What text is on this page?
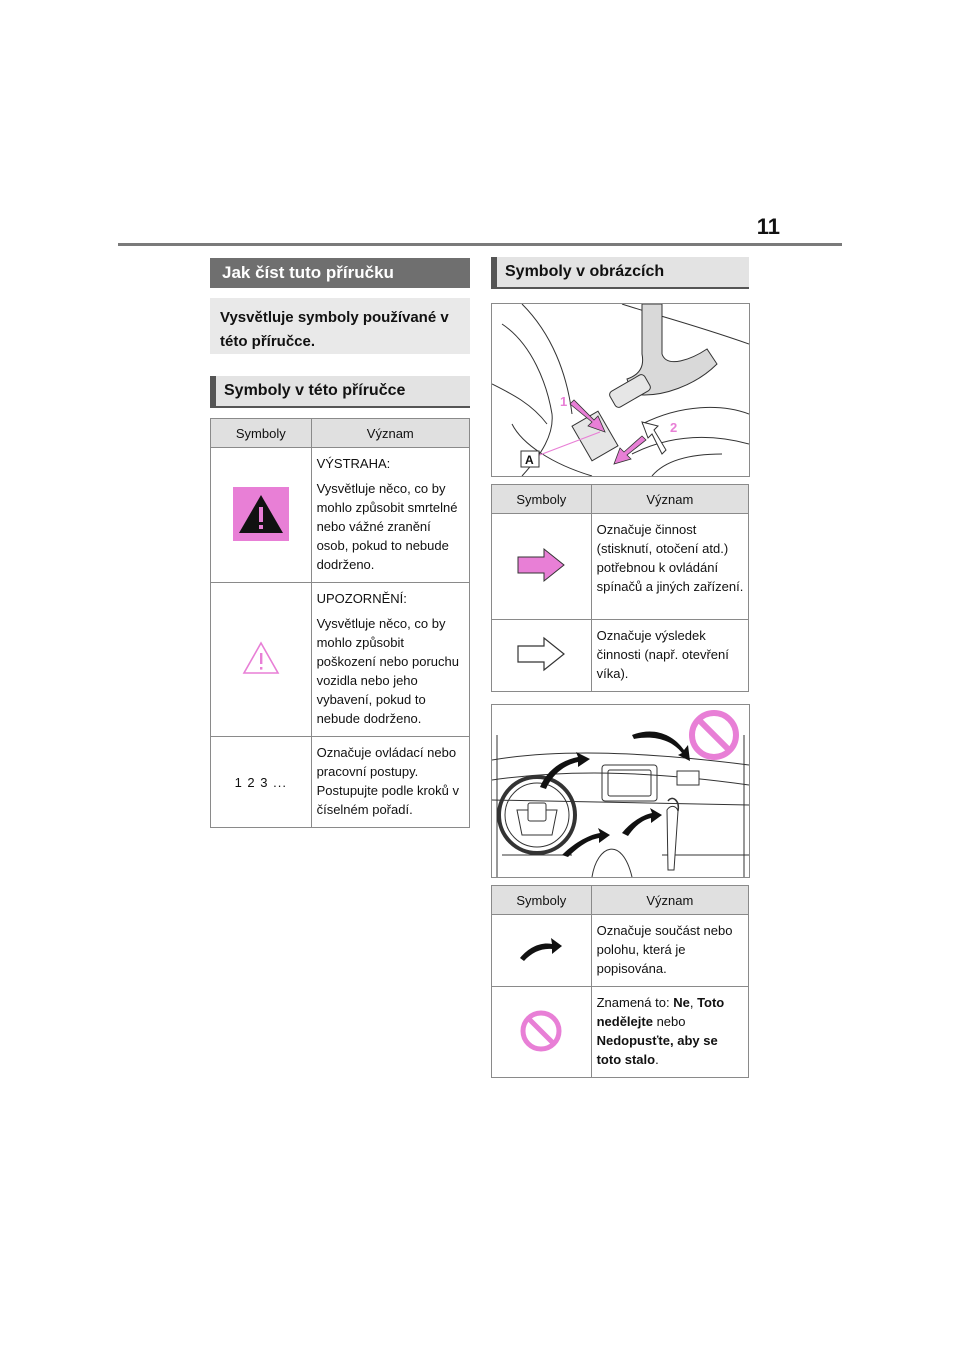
11
Jak číst tuto příručku
Vysvětluje symboly používané v této příručce.
Symboly v této příručce
Symboly	Význam

VÝSTRAHA:

Vysvětluje něco, co by mohlo způsobit smrtelné nebo vážné zranění osob, pokud to nebude dodrženo.

UPOZORNĚNÍ:

Vysvětluje něco, co by mohlo způsobit poškození nebo poruchu vozidla nebo jeho vybavení, pokud to nebude dodrženo.

1 2 3 ...	Označuje ovládací nebo pracovní postupy. Postupujte podle kroků v číselném pořadí.

Symboly v obrázcích
1
2
A
Symboly	Význam

Označuje činnost (stisknutí, otočení atd.) potřebnou k ovládání spínačů a jiných zařízení.

Označuje výsledek činnosti (např. otevření víka).

Symboly	Význam

Označuje součást nebo polohu, která je popisována.

Znamená to: Ne, Toto nedělejte nebo Nedopusťte, aby se toto stalo.
